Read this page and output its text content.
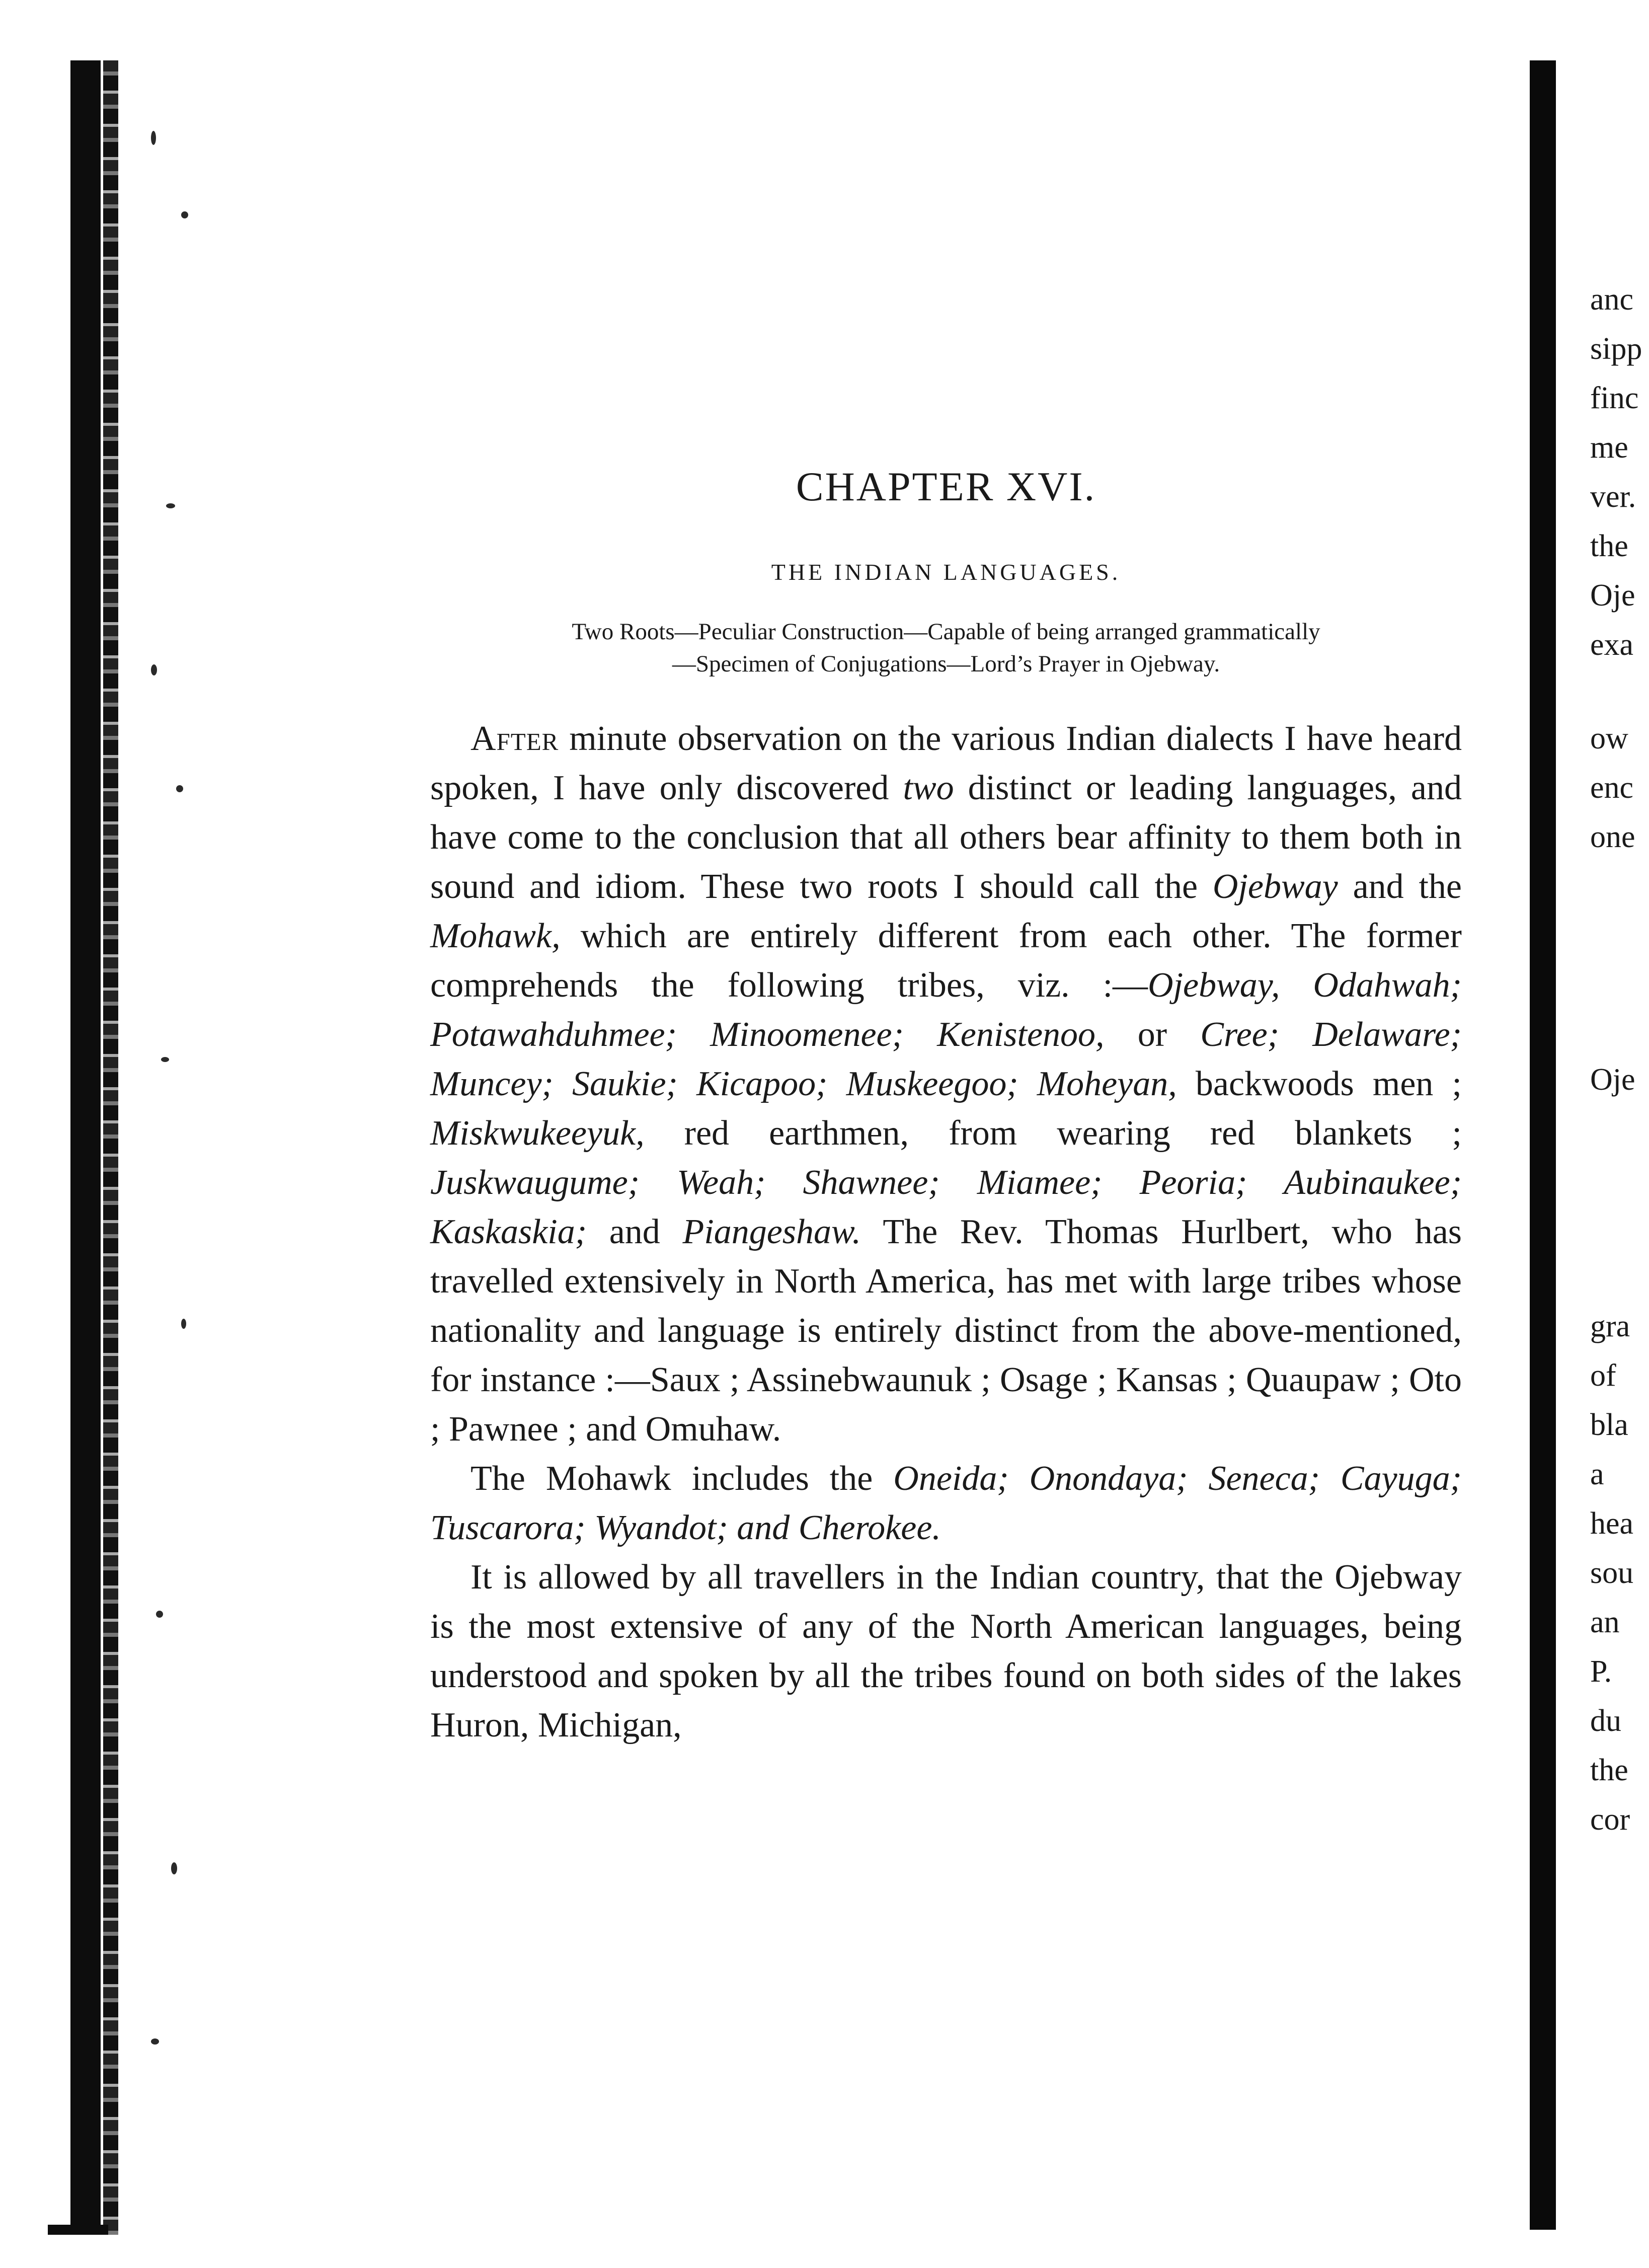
CHAPTER XVI.
THE INDIAN LANGUAGES.
Two Roots—Peculiar Construction—Capable of being arranged grammatically
—Specimen of Conjugations—Lord’s Prayer in Ojebway.

After minute observation on the various Indian dialects I have heard spoken, I have only discovered two distinct or leading languages, and have come to the conclusion that all others bear affinity to them both in sound and idiom. These two roots I should call the Ojebway and the Mohawk, which are entirely different from each other. The former comprehends the following tribes, viz. :—Ojebway, Odahwah; Potawahduhmee; Minoomenee; Kenistenoo, or Cree; Delaware; Muncey; Saukie; Kicapoo; Muskeegoo; Moheyan, backwoods men ; Miskwukeeyuk, red earthmen, from wearing red blankets ; Juskwaugume; Weah; Shawnee; Miamee; Peoria; Aubinaukee; Kaskaskia; and Piangeshaw. The Rev. Thomas Hurlbert, who has travelled extensively in North America, has met with large tribes whose nationality and language is entirely distinct from the above-mentioned, for instance :—Saux ; Assinebwaunuk ; Osage ; Kansas ; Quaupaw ; Oto ; Pawnee ; and Omuhaw.

The Mohawk includes the Oneida; Onondaya; Seneca; Cayuga; Tuscarora; Wyandot; and Cherokee.

It is allowed by all travellers in the Indian country, that the Ojebway is the most extensive of any of the North American languages, being understood and spoken by all the tribes found on both sides of the lakes Huron, Michigan,

anc
sipp
finc
me
ver.
the
Oje
exa
ow
enc
one
Oje
gra
of
bla
a
hea
sou
an
P.
du
the
cor
